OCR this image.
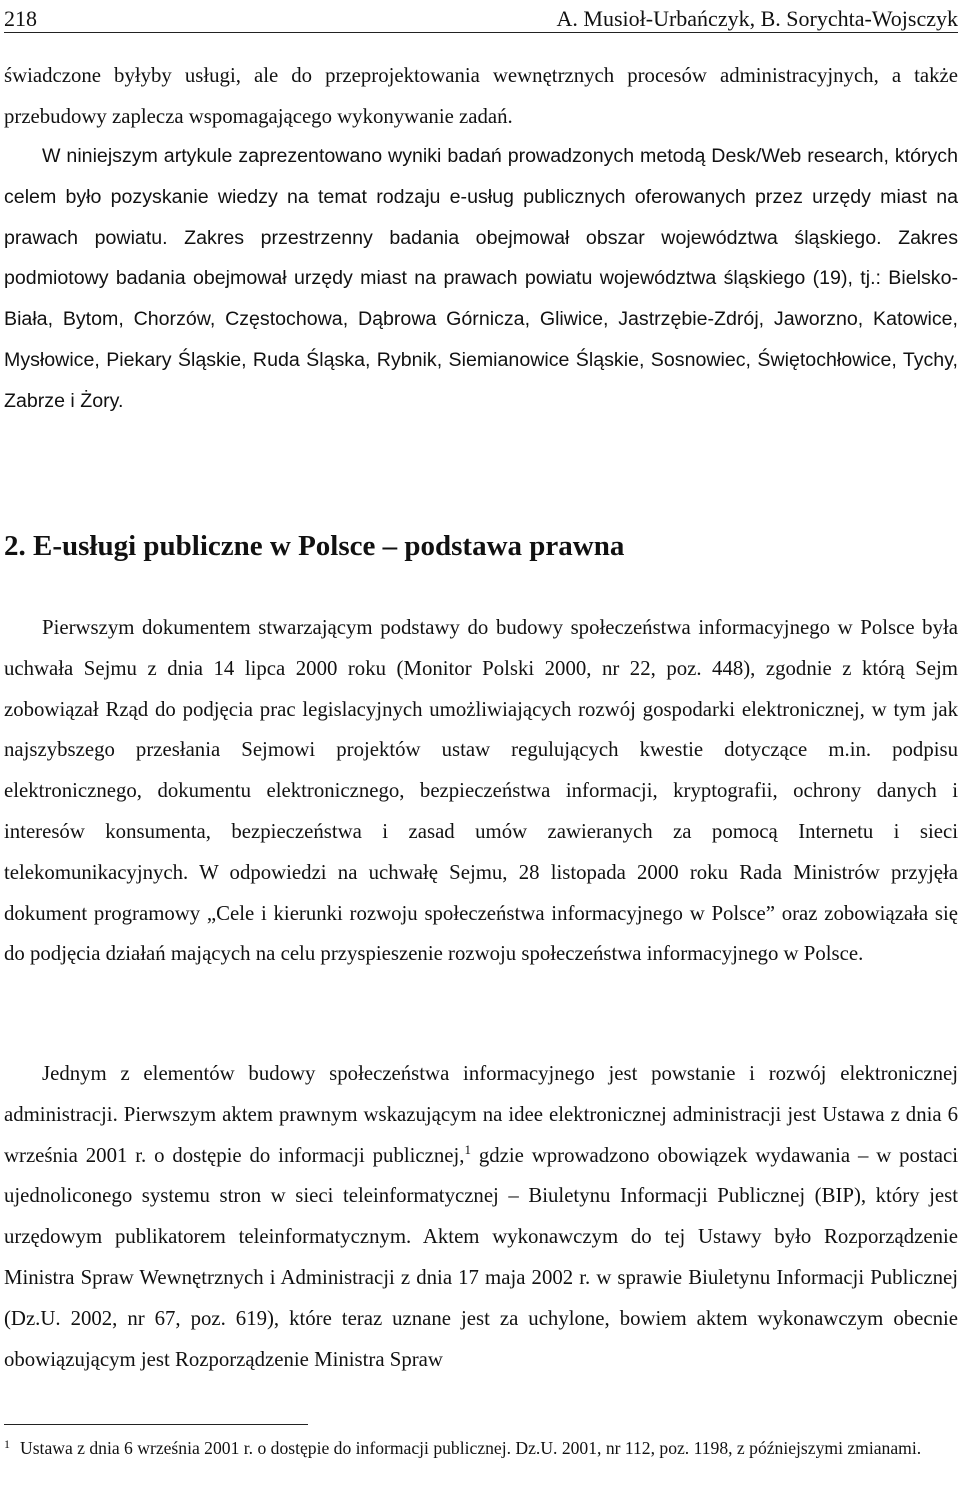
218	A. Musioł-Urbańczyk, B. Sorychta-Wojsczyk

świadczone byłyby usługi, ale do przeprojektowania wewnętrznych procesów administracyjnych, a także przebudowy zaplecza wspomagającego wykonywanie zadań.

W niniejszym artykule zaprezentowano wyniki badań prowadzonych metodą Desk/Web research, których celem było pozyskanie wiedzy na temat rodzaju e-usług publicznych oferowanych przez urzędy miast na prawach powiatu. Zakres przestrzenny badania obejmował obszar województwa śląskiego. Zakres podmiotowy badania obejmował urzędy miast na prawach powiatu województwa śląskiego (19), tj.: Bielsko-Biała, Bytom, Chorzów, Częstochowa, Dąbrowa Górnicza, Gliwice, Jastrzębie-Zdrój, Jaworzno, Katowice, Mysłowice, Piekary Śląskie, Ruda Śląska, Rybnik, Siemianowice Śląskie, Sosnowiec, Świętochłowice, Tychy, Zabrze i Żory.

2. E-usługi publiczne w Polsce – podstawa prawna

Pierwszym dokumentem stwarzającym podstawy do budowy społeczeństwa informacyjnego w Polsce była uchwała Sejmu z dnia 14 lipca 2000 roku (Monitor Polski 2000, nr 22, poz. 448), zgodnie z którą Sejm zobowiązał Rząd do podjęcia prac legislacyjnych umożliwiających rozwój gospodarki elektronicznej, w tym jak najszybszego przesłania Sejmowi projektów ustaw regulujących kwestie dotyczące m.in. podpisu elektronicznego, dokumentu elektronicznego, bezpieczeństwa informacji, kryptografii, ochrony danych i interesów konsumenta, bezpieczeństwa i zasad umów zawieranych za pomocą Internetu i sieci telekomunikacyjnych. W odpowiedzi na uchwałę Sejmu, 28 listopada 2000 roku Rada Ministrów przyjęła dokument programowy „Cele i kierunki rozwoju społeczeństwa informacyjnego w Polsce” oraz zobowiązała się do podjęcia działań mających na celu przyspieszenie rozwoju społeczeństwa informacyjnego w Polsce.

Jednym z elementów budowy społeczeństwa informacyjnego jest powstanie i rozwój elektronicznej administracji. Pierwszym aktem prawnym wskazującym na idee elektronicznej administracji jest Ustawa z dnia 6 września 2001 r. o dostępie do informacji publicznej,$^1$ gdzie wprowadzono obowiązek wydawania – w postaci ujednoliconego systemu stron w sieci teleinformatycznej – Biuletynu Informacji Publicznej (BIP), który jest urzędowym publikatorem teleinformatycznym. Aktem wykonawczym do tej Ustawy było Rozporządzenie Ministra Spraw Wewnętrznych i Administracji z dnia 17 maja 2002 r. w sprawie Biuletynu Informacji Publicznej (Dz.U. 2002, nr 67, poz. 619), które teraz uznane jest za uchylone, bowiem aktem wykonawczym obecnie obowiązującym jest Rozporządzenie Ministra Spraw

1 Ustawa z dnia 6 września 2001 r. o dostępie do informacji publicznej. Dz.U. 2001, nr 112, poz. 1198, z późniejszymi zmianami.
